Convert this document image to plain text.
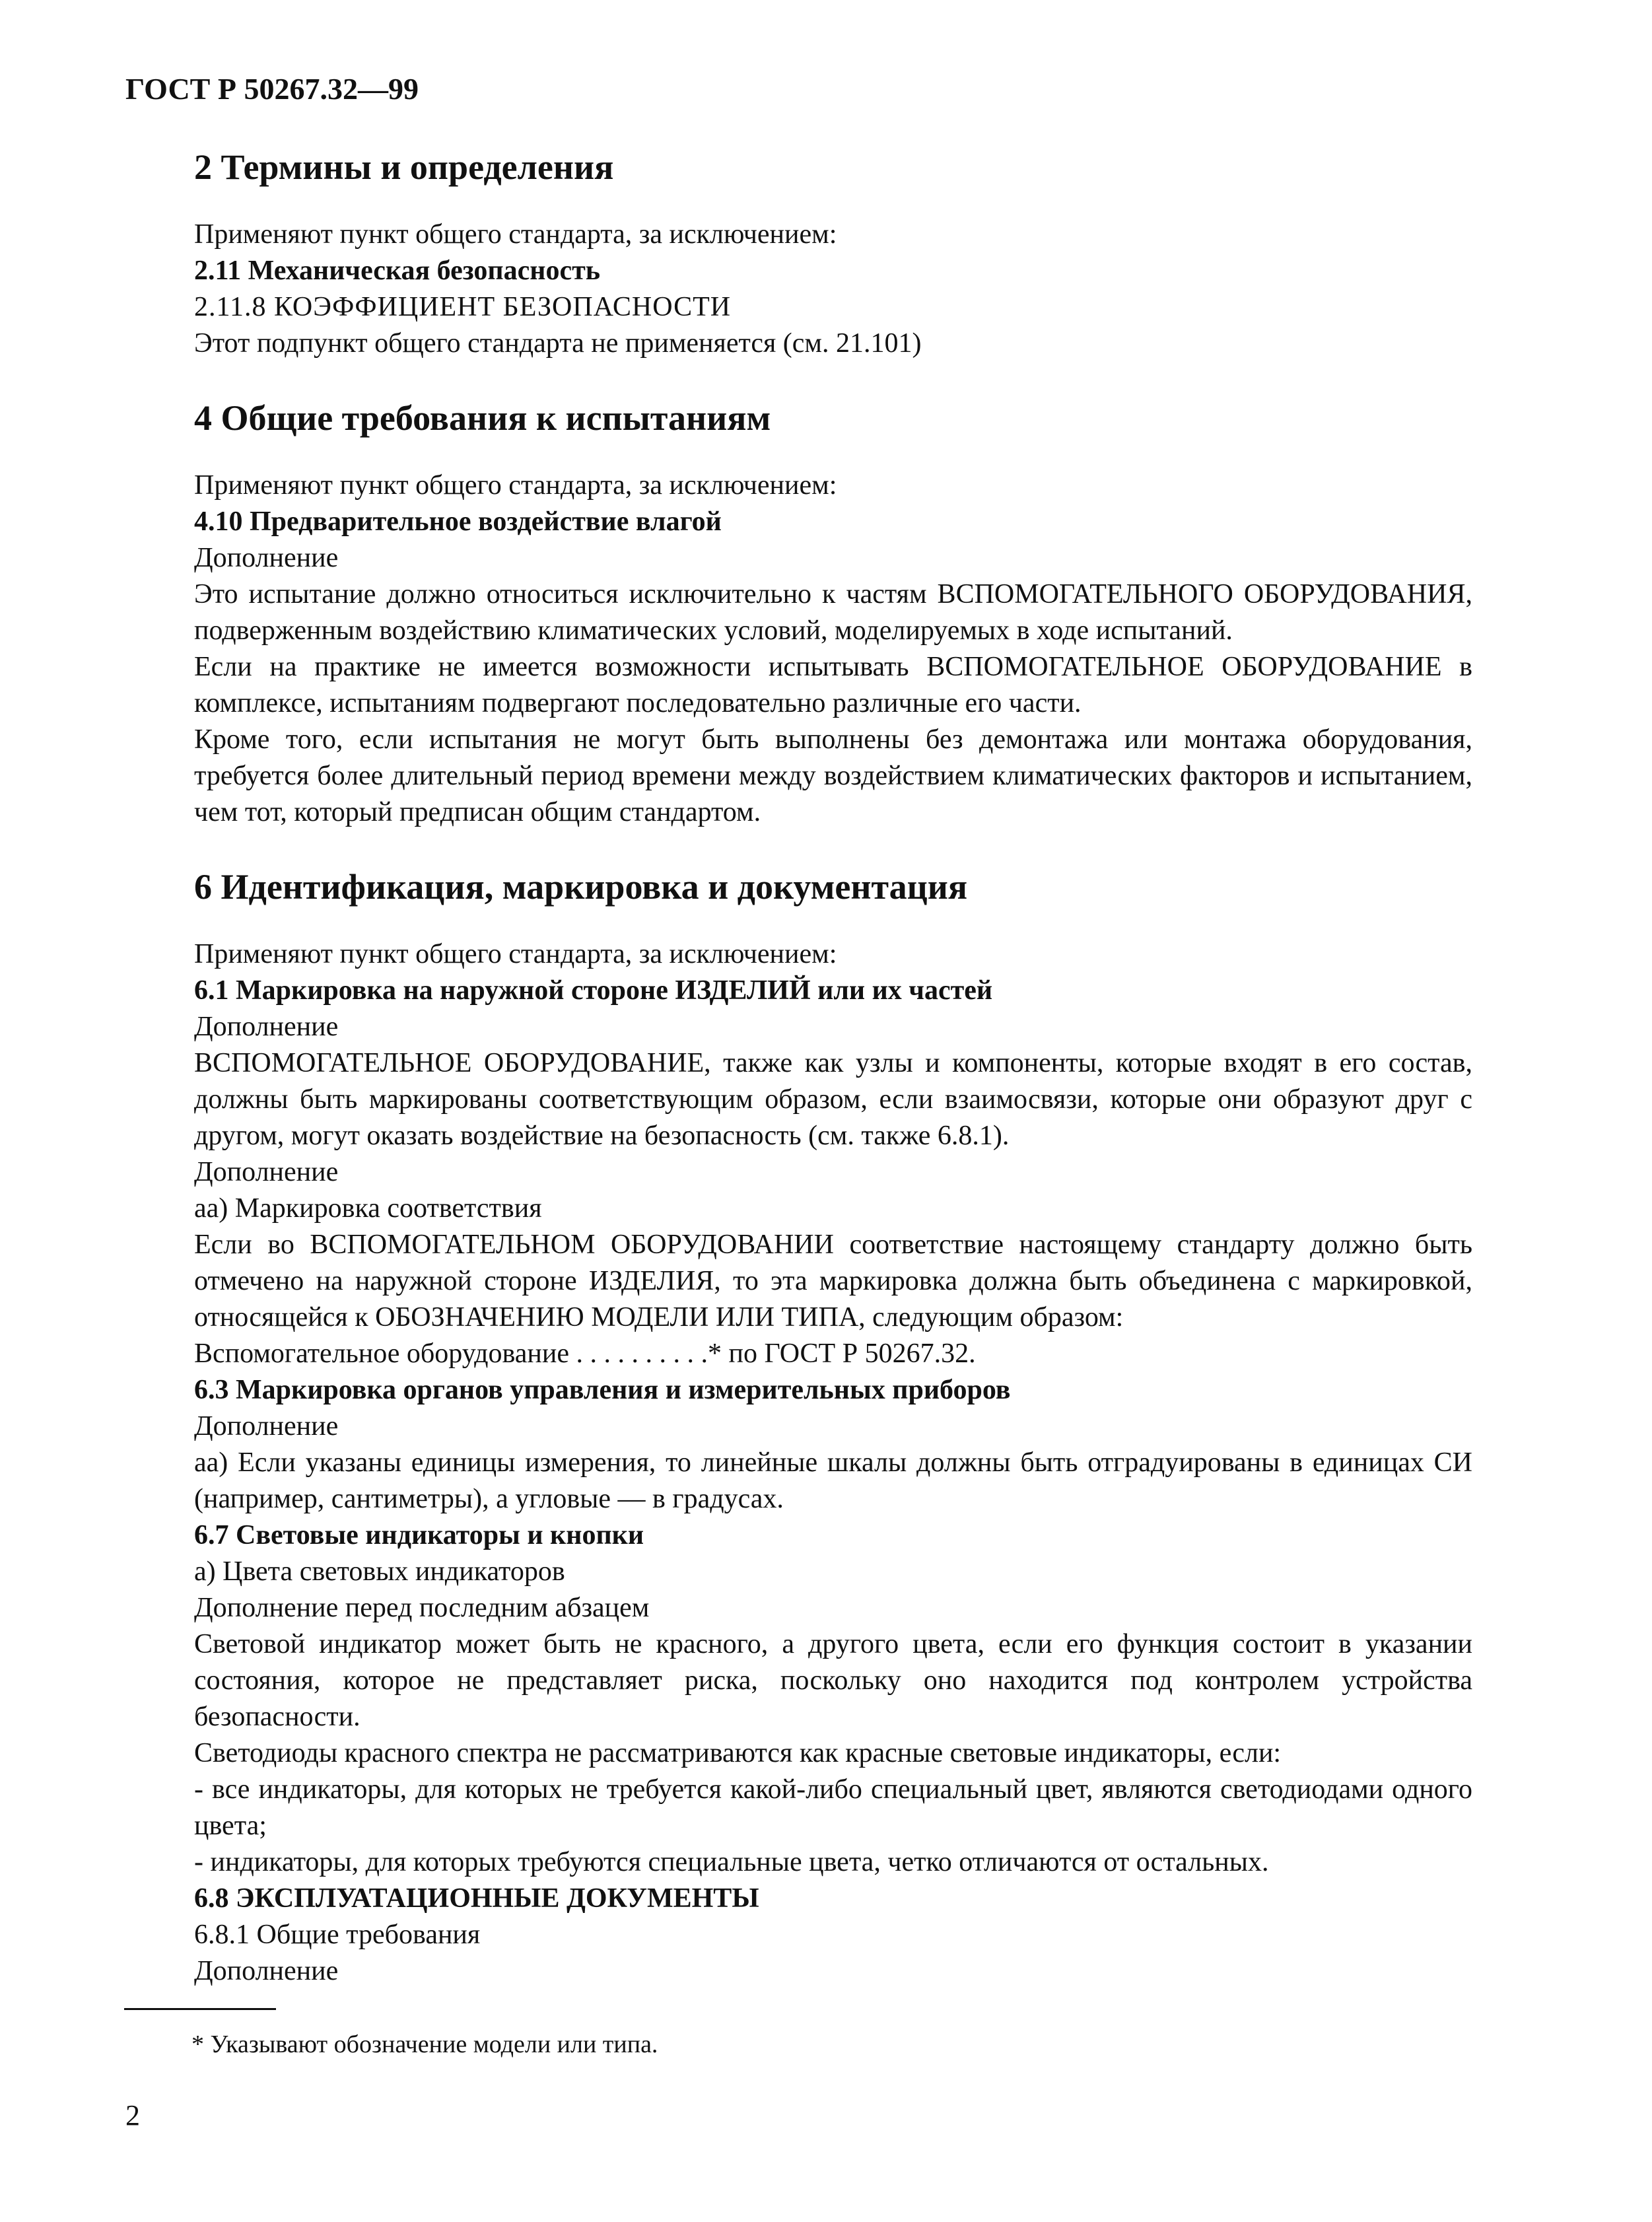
ГОСТ Р 50267.32—99
2 Термины и определения

Применяют пункт общего стандарта, за исключением:

2.11 Механическая безопасность

2.11.8 КОЭФФИЦИЕНТ БЕЗОПАСНОСТИ

Этот подпункт общего стандарта не применяется (см. 21.101)

4 Общие требования к испытаниям

Применяют пункт общего стандарта, за исключением:

4.10 Предварительное воздействие влагой

Дополнение

Это испытание должно относиться исключительно к частям ВСПОМОГАТЕЛЬНОГО ОБОРУДОВАНИЯ, подверженным воздействию климатических условий, моделируемых в ходе испытаний.

Если на практике не имеется возможности испытывать ВСПОМОГАТЕЛЬНОЕ ОБОРУДОВАНИЕ в комплексе, испытаниям подвергают последовательно различные его части.

Кроме того, если испытания не могут быть выполнены без демонтажа или монтажа оборудования, требуется более длительный период времени между воздействием климатических факторов и испытанием, чем тот, который предписан общим стандартом.

6 Идентификация, маркировка и документация

Применяют пункт общего стандарта, за исключением:

6.1 Маркировка на наружной стороне ИЗДЕЛИЙ или их частей

Дополнение

ВСПОМОГАТЕЛЬНОЕ ОБОРУДОВАНИЕ, также как узлы и компоненты, которые входят в его состав, должны быть маркированы соответствующим образом, если взаимосвязи, которые они образуют друг с другом, могут оказать воздействие на безопасность (см. также 6.8.1).

Дополнение

аа) Маркировка соответствия

Если во ВСПОМОГАТЕЛЬНОМ ОБОРУДОВАНИИ соответствие настоящему стандарту должно быть отмечено на наружной стороне ИЗДЕЛИЯ, то эта маркировка должна быть объединена с маркировкой, относящейся к ОБОЗНАЧЕНИЮ МОДЕЛИ ИЛИ ТИПА, следующим образом:

Вспомогательное оборудование . . . . . . . . . .* по ГОСТ Р 50267.32.

6.3 Маркировка органов управления и измерительных приборов

Дополнение

аа) Если указаны единицы измерения, то линейные шкалы должны быть отградуированы в единицах СИ (например, сантиметры), а угловые — в градусах.

6.7 Световые индикаторы и кнопки

а) Цвета световых индикаторов

Дополнение перед последним абзацем

Световой индикатор может быть не красного, а другого цвета, если его функция состоит в указании состояния, которое не представляет риска, поскольку оно находится под контролем устройства безопасности.

Светодиоды красного спектра не рассматриваются как красные световые индикаторы, если:

- все индикаторы, для которых не требуется какой-либо специальный цвет, являются светодиодами одного цвета;

- индикаторы, для которых требуются специальные цвета, четко отличаются от остальных.

6.8 ЭКСПЛУАТАЦИОННЫЕ ДОКУМЕНТЫ

6.8.1 Общие требования

Дополнение

* Указывают обозначение модели или типа.
2
